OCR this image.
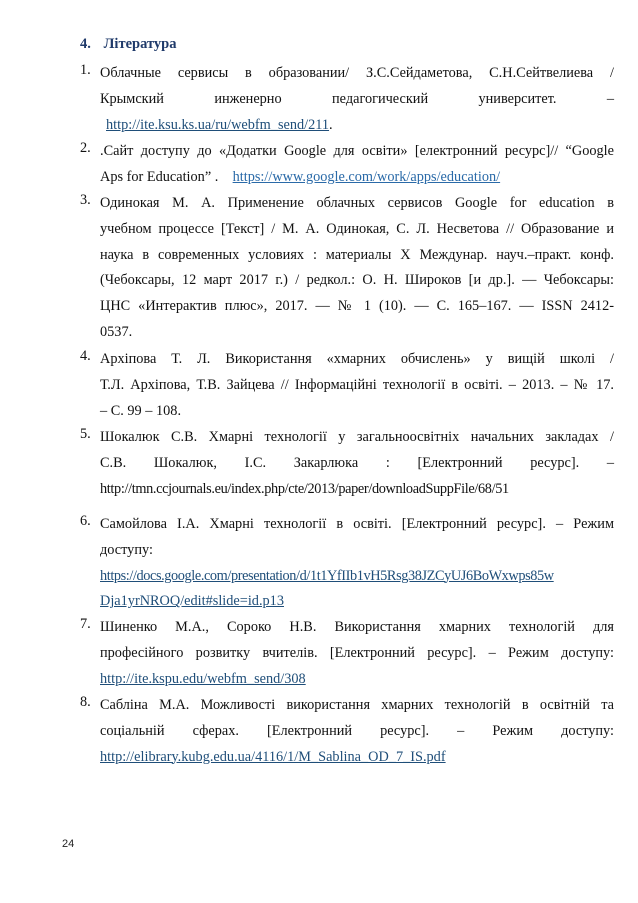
4. Література
1. Облачные сервисы в образовании/ З.С.Сейдаметова, С.Н.Сейтвелиева /
Крымский инженерно педагогический университет. –
http://ite.ksu.ks.ua/ru/webfm_send/211.
2. .Сайт доступу до «Додатки Google для освіти» [електронний ресурс]// “Google
Aps for Education” . https://www.google.com/work/apps/education/
3. Одинокая М. А. Применение облачных сервисов Google for education в
учебном процессе [Текст] / М. А. Одинокая, С. Л. Несветова // Образование и
наука в современных условиях : материалы X Междунар. науч.–практ. конф.
(Чебоксары, 12 март 2017 г.) / редкол.: О. Н. Широков [и др.]. — Чебоксары:
ЦНС «Интерактив плюс», 2017. — № 1 (10). — С. 165–167. — ISSN 2412-
0537.
4. Архіпова Т. Л. Використання «хмарних обчислень» у вищій школі /
Т.Л. Архіпова, Т.В. Зайцева // Інформаційні технології в освіті. – 2013. – № 17.
– С. 99 – 108.
5. Шокалюк С.В. Хмарні технології у загальноосвітніх начальних закладах /
С.В. Шокалюк, І.С. Закарлюка : [Електронний ресурс]. –
http://tmn.ccjournals.eu/index.php/cte/2013/paper/downloadSuppFile/68/51
6. Самойлова І.А. Хмарні технології в освіті. [Електронний ресурс]. – Режим
доступу:
https://docs.google.com/presentation/d/1t1YfIIb1vH5Rsg38JZCyUJ6BoWxwps85w
Dja1yrNROQ/edit#slide=id.p13
7. Шиненко М.А., Сороко Н.В. Використання хмарних технологій для
професійного розвитку вчителів. [Електронний ресурс]. – Режим доступу:
http://ite.kspu.edu/webfm_send/308
8. Сабліна М.А. Можливості використання хмарних технологій в освітній та
соціальній сферах. [Електронний ресурс]. – Режим доступу:
http://elibrary.kubg.edu.ua/4116/1/M_Sablina_OD_7_IS.pdf
24
